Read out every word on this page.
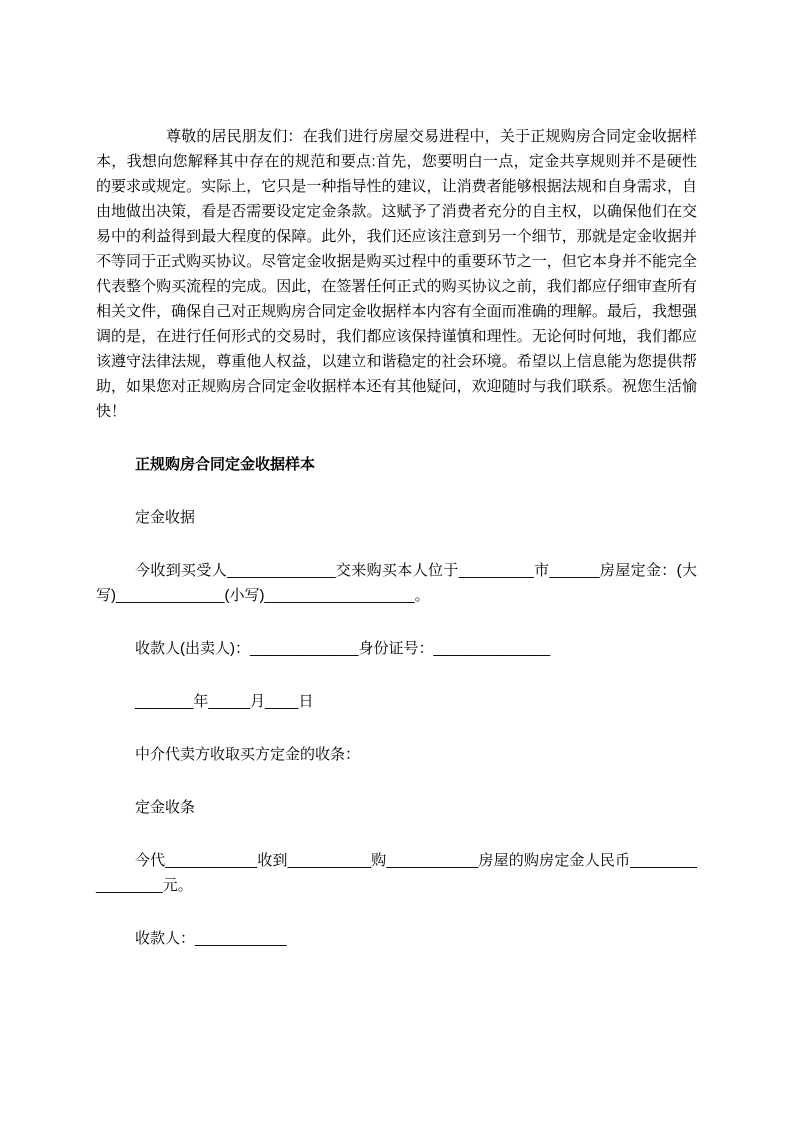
尊敬的居民朋友们：在我们进行房屋交易进程中，关于正规购房合同定金收据样本，我想向您解释其中存在的规范和要点:首先，您要明白一点，定金共享规则并不是硬性的要求或规定。实际上，它只是一种指导性的建议，让消费者能够根据法规和自身需求，自由地做出决策，看是否需要设定定金条款。这赋予了消费者充分的自主权，以确保他们在交易中的利益得到最大程度的保障。此外，我们还应该注意到另一个细节，那就是定金收据并不等同于正式购买协议。尽管定金收据是购买过程中的重要环节之一，但它本身并不能完全代表整个购买流程的完成。因此，在签署任何正式的购买协议之前，我们都应仔细审查所有相关文件，确保自己对正规购房合同定金收据样本内容有全面而准确的理解。最后，我想强调的是，在进行任何形式的交易时，我们都应该保持谨慎和理性。无论何时何地，我们都应该遵守法律法规，尊重他人权益，以建立和谐稳定的社会环境。希望以上信息能为您提供帮助，如果您对正规购房合同定金收据样本还有其他疑问，欢迎随时与我们联系。祝您生活愉快！

正规购房合同定金收据样本

定金收据

今收到买受人_____________交来购买本人位于_________市______房屋定金：(大写)_____________(小写)__________________。

收款人(出卖人)：_____________身份证号：______________

_______年_____月____日

中介代卖方收取买方定金的收条：

定金收条

今代___________收到__________购___________房屋的购房定金人民币________________元。

收款人：___________
